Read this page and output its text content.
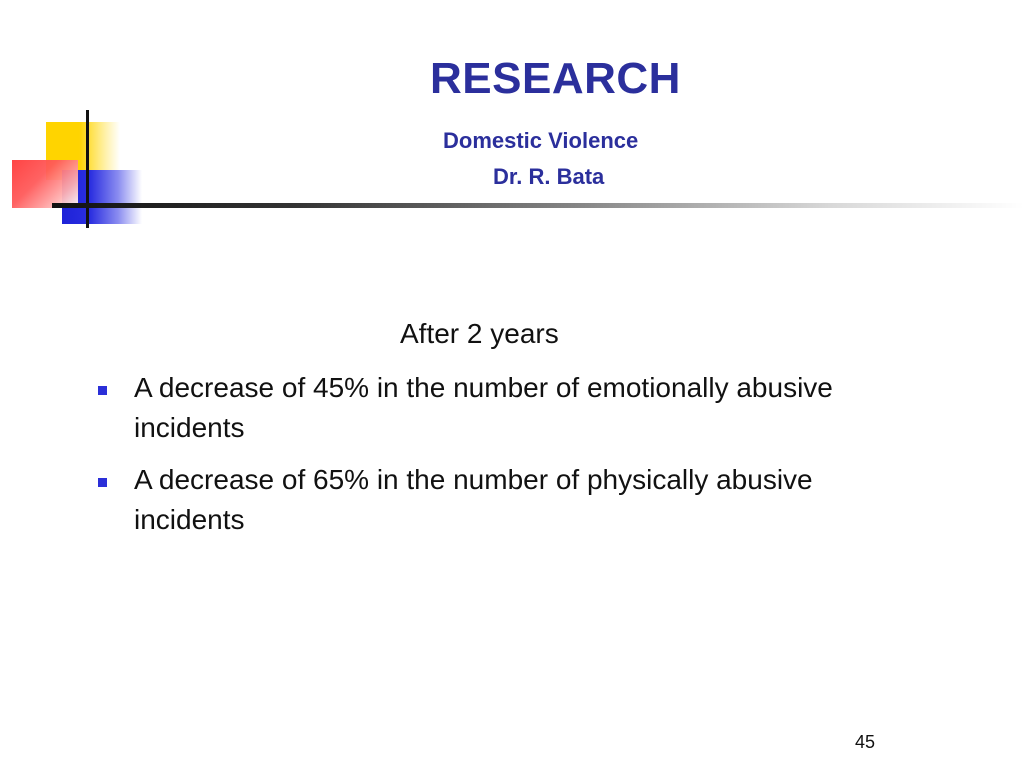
RESEARCH
Domestic Violence
Dr. R. Bata
After 2 years
A decrease of 45% in the number of emotionally abusive incidents
A decrease of 65% in the number of physically abusive incidents
45
